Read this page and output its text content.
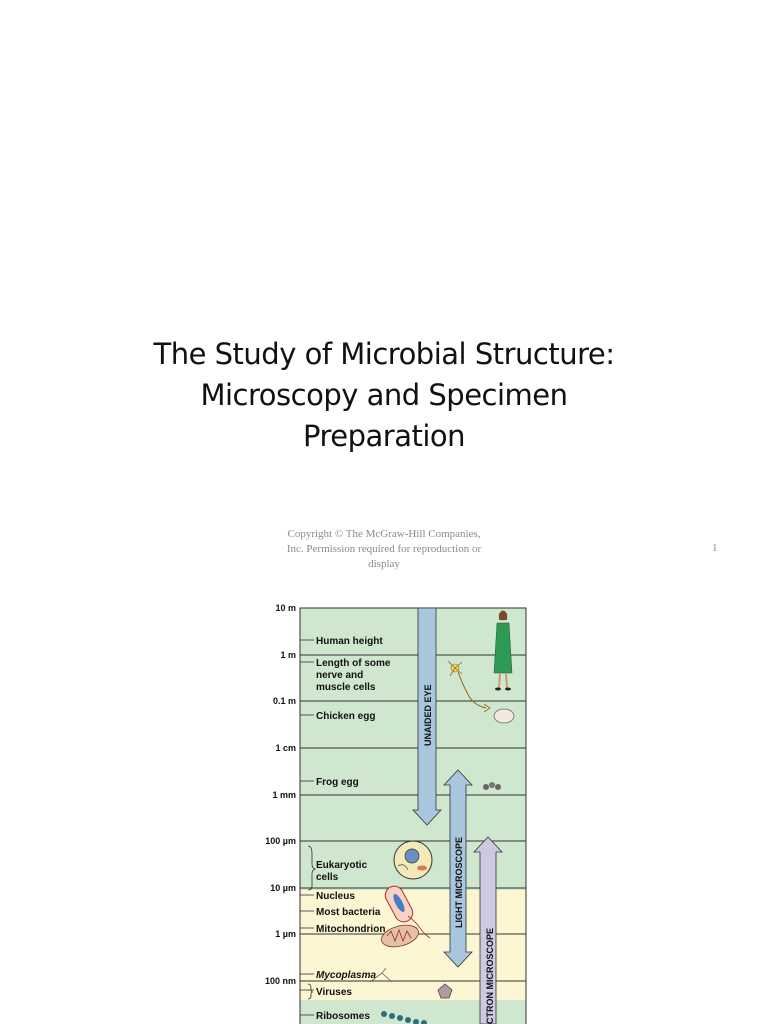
The Study of Microbial Structure:
Microscopy and Specimen
Preparation
Copyright © The McGraw-Hill Companies,
Inc. Permission required for reproduction or
display
1
10 m
1 m
0.1 m
1 cm
1 mm
100 µm
10 µm
1 µm
100 nm
Human height
Length of some
nerve and
muscle cells
Chicken egg
Frog egg
Eukaryotic
cells
Nucleus
Most bacteria
Mitochondrion
Mycoplasma
Viruses
Ribosomes
UNAIDED EYE
LIGHT MICROSCOPE
CTRON MICROSCOPE
